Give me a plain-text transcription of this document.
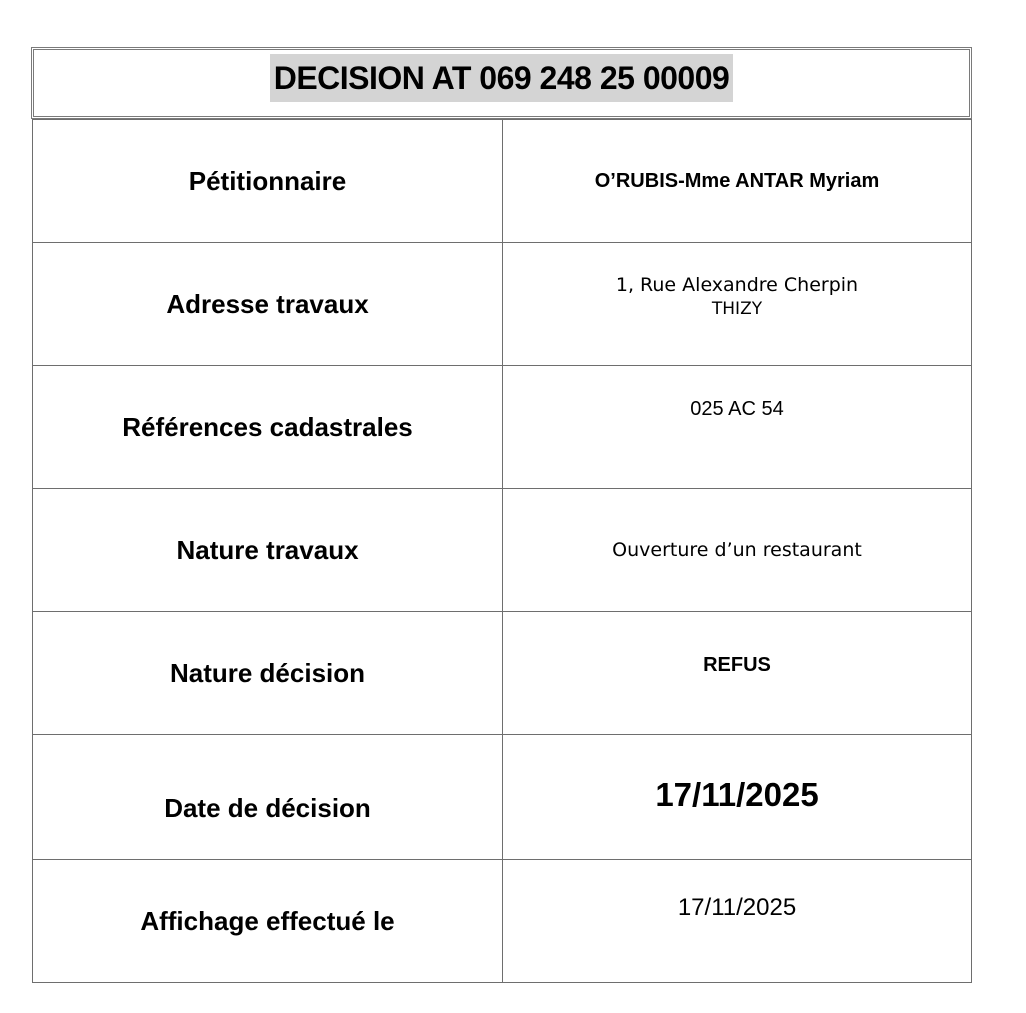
DECISION AT 069 248 25 00009
Pétitionnaire	O’RUBIS-Mme ANTAR Myriam
Adresse travaux	1, Rue Alexandre Cherpin
THIZY

Références cadastrales	025 AC 54

Nature travaux	Ouverture d’un restaurant
Nature décision	REFUS
Date de décision	17/11/2025
Affichage effectué le	17/11/2025
